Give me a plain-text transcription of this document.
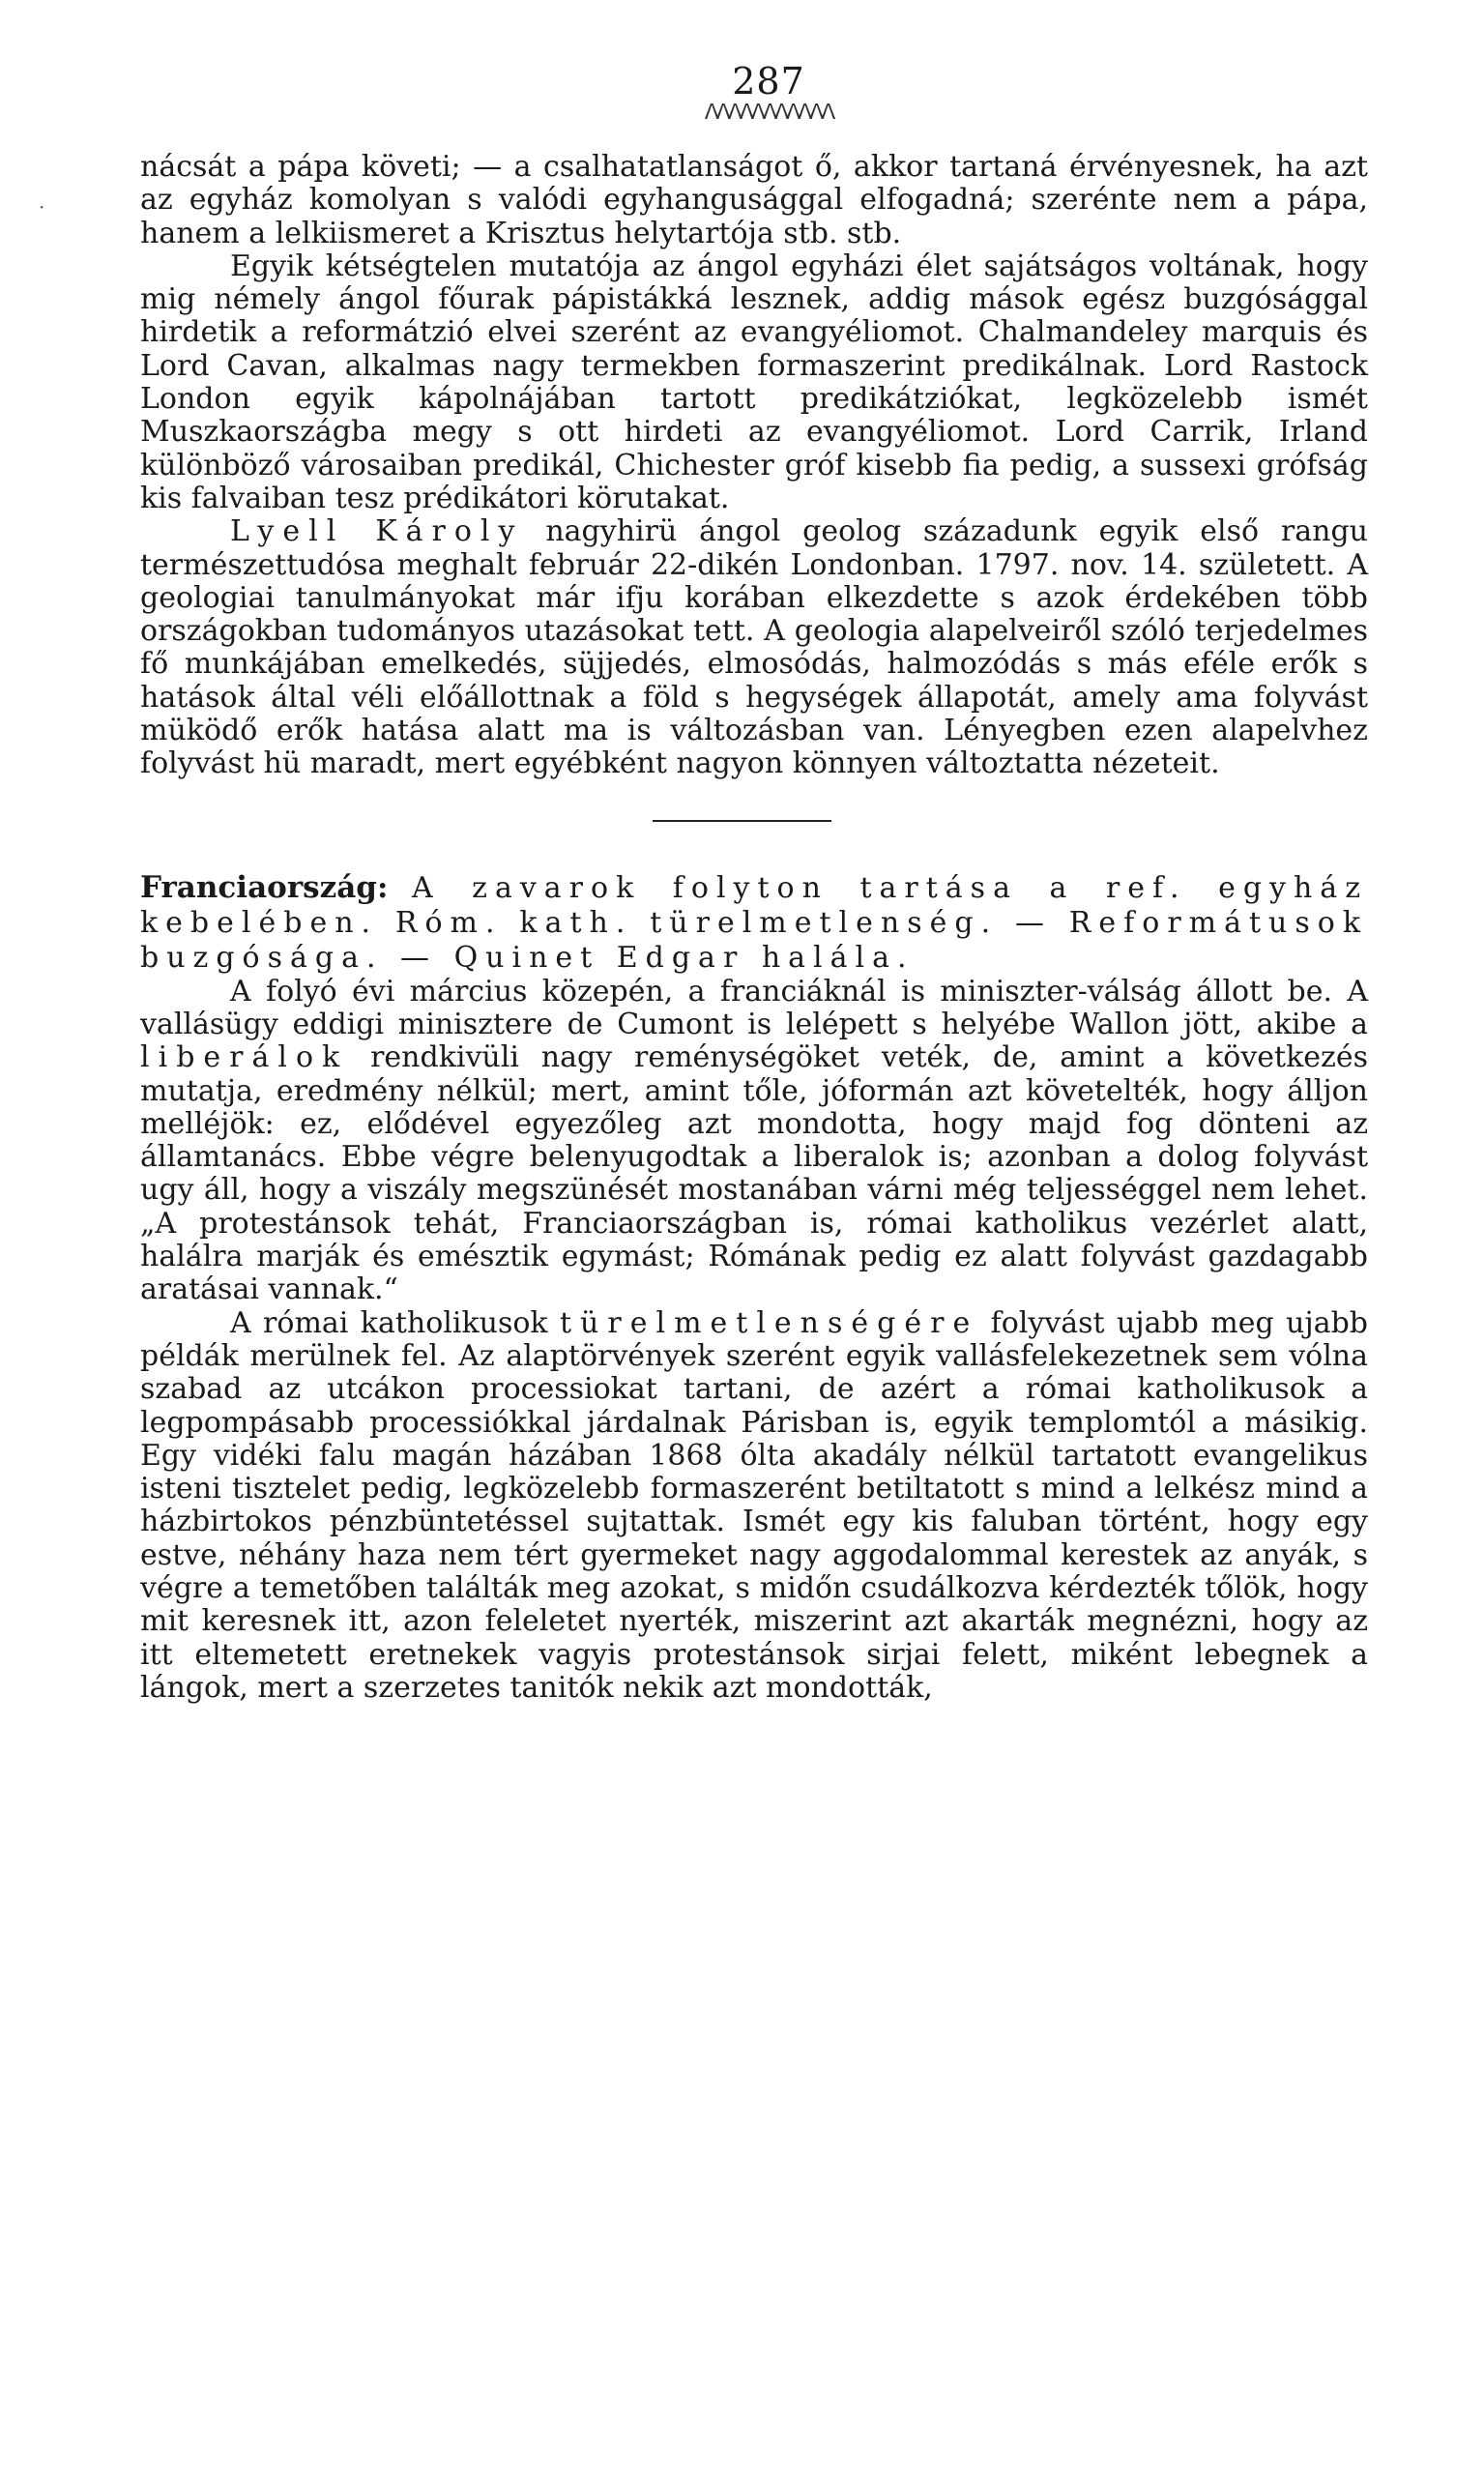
·
287
ᐱᐱᐱᐱᐱᐱᐱᐱᐱᐱᐱ

nácsát a pápa követi; — a csalhatatlanságot ő, akkor tartaná érvényesnek, ha azt az egyház komolyan s valódi egyhangusággal elfogadná; szerénte nem a pápa, hanem a lelkiismeret a Krisztus helytartója stb. stb.

Egyik kétségtelen mutatója az ángol egyházi élet sajátságos voltának, hogy mig némely ángol főurak pápistákká lesznek, addig mások egész buzgósággal hirdetik a reformátzió elvei szerént az evangyéliomot. Chalmandeley marquis és Lord Cavan, alkalmas nagy termekben formaszerint predikálnak. Lord Rastock London egyik kápolnájában tartott predikátziókat, legközelebb ismét Muszkaországba megy s ott hirdeti az evangyéliomot. Lord Carrik, Irland különböző városaiban predikál, Chichester gróf kisebb fia pedig, a sussexi grófság kis falvaiban tesz prédikátori körutakat.

Lyell Károly nagyhirü ángol geolog századunk egyik első rangu természettudósa meghalt február 22-dikén Londonban. 1797. nov. 14. született. A geologiai tanulmányokat már ifju korában elkezdette s azok érdekében több országokban tudományos utazásokat tett. A geologia alapelveiről szóló terjedelmes fő munkájában emelkedés, süjjedés, elmosódás, halmozódás s más eféle erők s hatások által véli előállottnak a föld s hegységek állapotát, amely ama folyvást müködő erők hatása alatt ma is változásban van. Lényegben ezen alapelvhez folyvást hü maradt, mert egyébként nagyon könnyen változtatta nézeteit.

Franciaország: A zavarok folyton tartása a ref. egyház kebelében. Róm. kath. türelmetlenség. — Reformátusok buzgósága. — Quinet Edgar halála.

A folyó évi március közepén, a franciáknál is miniszter-válság állott be. A vallásügy eddigi minisztere de Cumont is lelépett s helyébe Wallon jött, akibe a liberálok rendkivüli nagy reménységöket veték, de, amint a következés mutatja, eredmény nélkül; mert, amint tőle, jóformán azt követelték, hogy álljon melléjök: ez, elődével egyezőleg azt mondotta, hogy majd fog dönteni az államtanács. Ebbe végre belenyugodtak a liberalok is; azonban a dolog folyvást ugy áll, hogy a viszály megszünését mostanában várni még teljességgel nem lehet. „A protestánsok tehát, Franciaországban is, római katholikus vezérlet alatt, halálra marják és emésztik egymást; Rómának pedig ez alatt folyvást gazdagabb aratásai vannak.“

A római katholikusok türelmetlenségére folyvást ujabb meg ujabb példák merülnek fel. Az alaptörvények szerént egyik vallásfelekezetnek sem vólna szabad az utcákon processiokat tartani, de azért a római katholikusok a legpompásabb processiókkal járdalnak Párisban is, egyik templomtól a másikig. Egy vidéki falu magán házában 1868 ólta akadály nélkül tartatott evangelikus isteni tisztelet pedig, legközelebb formaszerént betiltatott s mind a lelkész mind a házbirtokos pénzbüntetéssel sujtattak. Ismét egy kis faluban történt, hogy egy estve, néhány haza nem tért gyermeket nagy aggodalommal kerestek az anyák, s végre a temetőben találták meg azokat, s midőn csudálkozva kérdezték tőlök, hogy mit keresnek itt, azon feleletet nyerték, miszerint azt akarták megnézni, hogy az itt eltemetett eretnekek vagyis protestánsok sirjai felett, miként lebegnek a lángok, mert a szerzetes tanitók nekik azt mondották,
